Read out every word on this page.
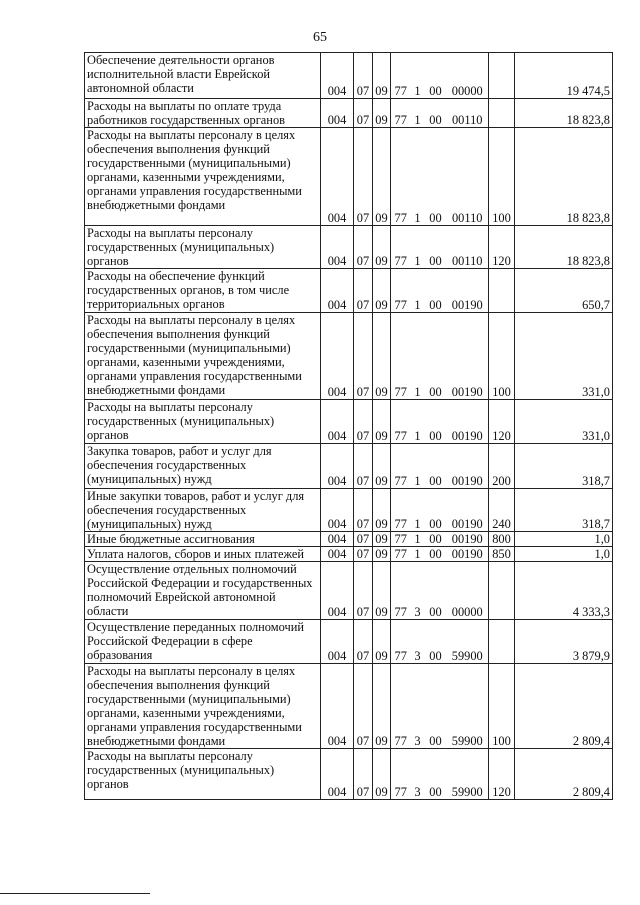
65
Обеспечение деятельности органов исполнительной власти Еврейской автономной области	004	07	09	77	1	00	00000		19 474,5
Расходы на выплаты по оплате труда работников государственных органов	004	07	09	77	1	00	00110		18 823,8
Расходы на выплаты персоналу в целях обеспечения выполнения функций государственными (муниципальными) органами, казенными учреждениями, органами управления государственными внебюджетными фондами	004	07	09	77	1	00	00110	100	18 823,8
Расходы на выплаты персоналу государственных (муниципальных) органов	004	07	09	77	1	00	00110	120	18 823,8
Расходы на обеспечение функций государственных органов, в том числе территориальных органов	004	07	09	77	1	00	00190		650,7
Расходы на выплаты персоналу в целях обеспечения выполнения функций государственными (муниципальными) органами, казенными учреждениями, органами управления государственными внебюджетными фондами	004	07	09	77	1	00	00190	100	331,0
Расходы на выплаты персоналу государственных (муниципальных) органов	004	07	09	77	1	00	00190	120	331,0
Закупка товаров, работ и услуг для обеспечения государственных (муниципальных) нужд	004	07	09	77	1	00	00190	200	318,7
Иные закупки товаров, работ и услуг для обеспечения государственных (муниципальных) нужд	004	07	09	77	1	00	00190	240	318,7
Иные бюджетные ассигнования	004	07	09	77	1	00	00190	800	1,0
Уплата налогов, сборов и иных платежей	004	07	09	77	1	00	00190	850	1,0
Осуществление отдельных полномочий Российской Федерации и государственных полномочий Еврейской автономной области	004	07	09	77	3	00	00000		4 333,3
Осуществление переданных полномочий Российской Федерации в сфере образования	004	07	09	77	3	00	59900		3 879,9
Расходы на выплаты персоналу в целях обеспечения выполнения функций государственными (муниципальными) органами, казенными учреждениями, органами управления государственными внебюджетными фондами	004	07	09	77	3	00	59900	100	2 809,4
Расходы на выплаты персоналу государственных (муниципальных) органов	004	07	09	77	3	00	59900	120	2 809,4
